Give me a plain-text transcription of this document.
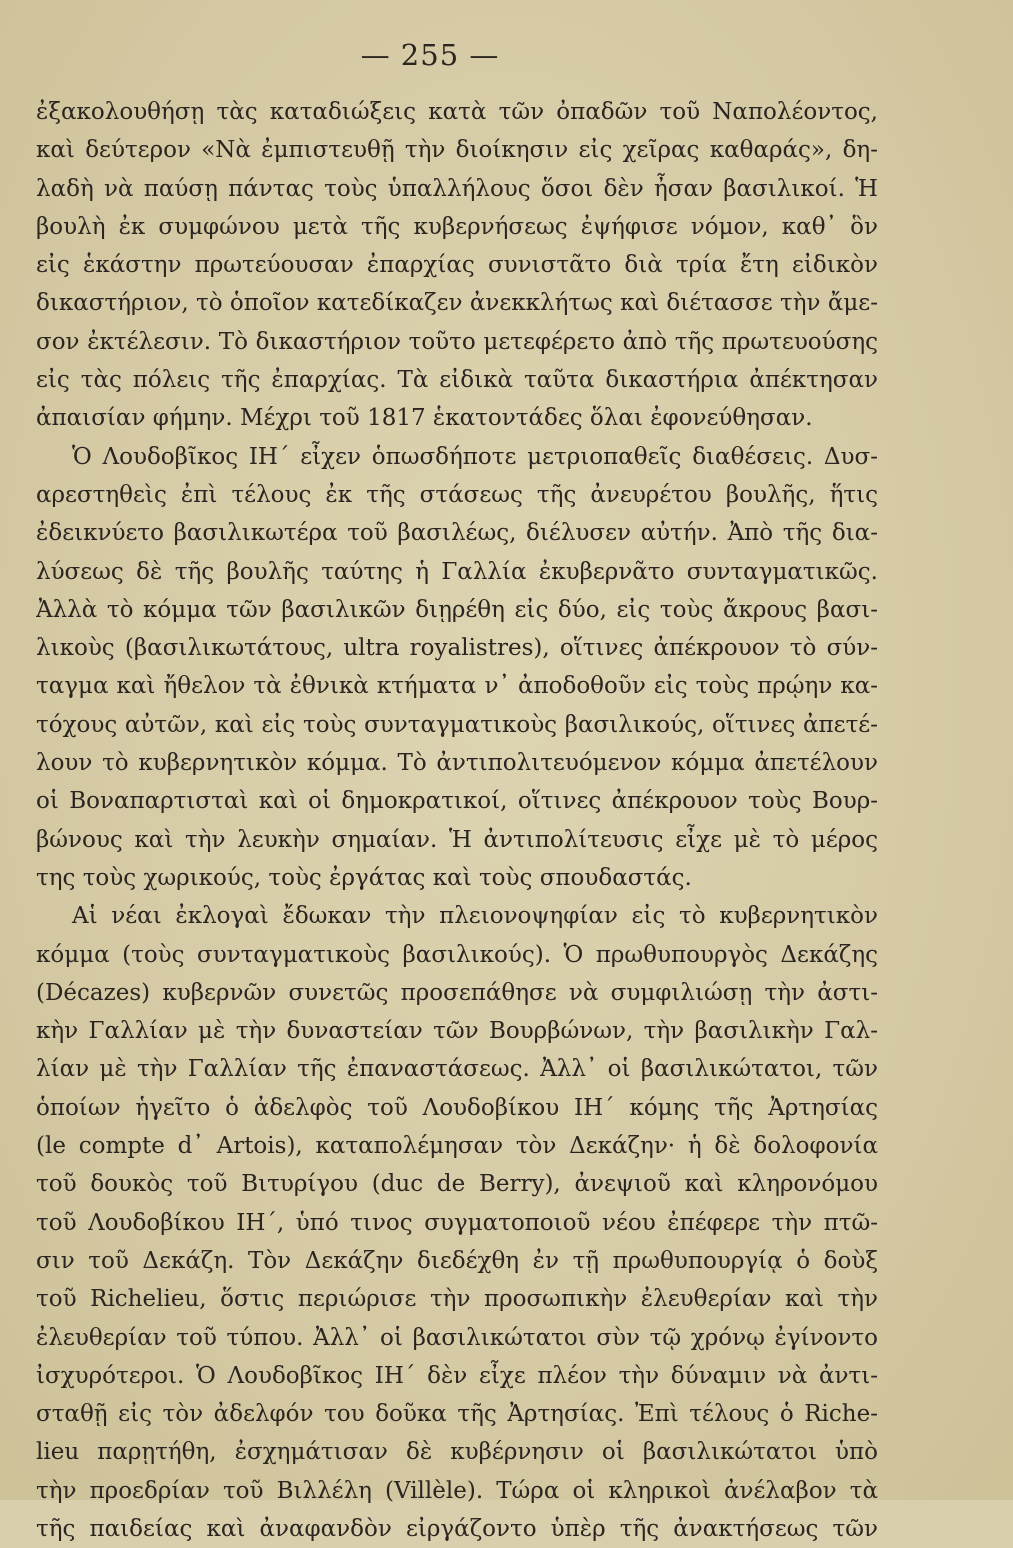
— 255 —
ἐξακολουθήσῃ τὰς καταδιώξεις κατὰ τῶν ὀπαδῶν τοῦ Ναπολέοντος,
καὶ δεύτερον «Νὰ ἐμπιστευθῇ τὴν διοίκησιν εἰς χεῖρας καθαράς», δη-
λαδὴ νὰ παύσῃ πάντας τοὺς ὑπαλλήλους ὅσοι δὲν ἦσαν βασιλικοί. Ἡ
βουλὴ ἐκ συμφώνου μετὰ τῆς κυβερνήσεως ἐψήφισε νόμον, καθ᾽ ὃν
εἰς ἑκάστην πρωτεύουσαν ἐπαρχίας συνιστᾶτο διὰ τρία ἔτη εἰδικὸν
δικαστήριον, τὸ ὁποῖον κατεδίκαζεν ἀνεκκλήτως καὶ διέτασσε τὴν ἄμε-
σον ἐκτέλεσιν. Τὸ δικαστήριον τοῦτο μετεφέρετο ἀπὸ τῆς πρωτευούσης
εἰς τὰς πόλεις τῆς ἐπαρχίας. Τὰ εἰδικὰ ταῦτα δικαστήρια ἀπέκτησαν
ἀπαισίαν φήμην. Μέχρι τοῦ 1817 ἑκατοντάδες ὅλαι ἐφονεύθησαν.
Ὁ Λουδοβῖκος ΙΗ΄ εἶχεν ὁπωσδήποτε μετριοπαθεῖς διαθέσεις. Δυσ-
αρεστηθεὶς ἐπὶ τέλους ἐκ τῆς στάσεως τῆς ἀνευρέτου βουλῆς, ἥτις
ἐδεικνύετο βασιλικωτέρα τοῦ βασιλέως, διέλυσεν αὐτήν. Ἀπὸ τῆς δια-
λύσεως δὲ τῆς βουλῆς ταύτης ἡ Γαλλία ἐκυβερνᾶτο συνταγματικῶς.
Ἀλλὰ τὸ κόμμα τῶν βασιλικῶν διῃρέθη εἰς δύο, εἰς τοὺς ἄκρους βασι-
λικοὺς (βασιλικωτάτους, ultra royalistres), οἵτινες ἀπέκρουον τὸ σύν-
ταγμα καὶ ἤθελον τὰ ἐθνικὰ κτήματα ν᾽ ἀποδοθοῦν εἰς τοὺς πρῴην κα-
τόχους αὐτῶν, καὶ εἰς τοὺς συνταγματικοὺς βασιλικούς, οἵτινες ἀπετέ-
λουν τὸ κυβερνητικὸν κόμμα. Τὸ ἀντιπολιτευόμενον κόμμα ἀπετέλουν
οἱ Βοναπαρτισταὶ καὶ οἱ δημοκρατικοί, οἵτινες ἀπέκρουον τοὺς Βουρ-
βώνους καὶ τὴν λευκὴν σημαίαν. Ἡ ἀντιπολίτευσις εἶχε μὲ τὸ μέρος
της τοὺς χωρικούς, τοὺς ἐργάτας καὶ τοὺς σπουδαστάς.
Αἱ νέαι ἐκλογαὶ ἔδωκαν τὴν πλειονοψηφίαν εἰς τὸ κυβερνητικὸν
κόμμα (τοὺς συνταγματικοὺς βασιλικούς). Ὁ πρωθυπουργὸς Δεκάζης
(Décazes) κυβερνῶν συνετῶς προσεπάθησε νὰ συμφιλιώσῃ τὴν ἀστι-
κὴν Γαλλίαν μὲ τὴν δυναστείαν τῶν Βουρβώνων, τὴν βασιλικὴν Γαλ-
λίαν μὲ τὴν Γαλλίαν τῆς ἐπαναστάσεως. Ἀλλ᾽ οἱ βασιλικώτατοι, τῶν
ὁποίων ἡγεῖτο ὁ ἀδελφὸς τοῦ Λουδοβίκου ΙΗ΄ κόμης τῆς Ἀρτησίας
(le compte d᾽ Artois), καταπολέμησαν τὸν Δεκάζην· ἡ δὲ δολοφονία
τοῦ δουκὸς τοῦ Βιτυρίγου (duc de Berry), ἀνεψιοῦ καὶ κληρονόμου
τοῦ Λουδοβίκου ΙΗ΄, ὑπό τινος συγματοποιοῦ νέου ἐπέφερε τὴν πτῶ-
σιν τοῦ Δεκάζη. Τὸν Δεκάζην διεδέχθη ἐν τῇ πρωθυπουργίᾳ ὁ δοὺξ
τοῦ Richelieu, ὅστις περιώρισε τὴν προσωπικὴν ἐλευθερίαν καὶ τὴν
ἐλευθερίαν τοῦ τύπου. Ἀλλ᾽ οἱ βασιλικώτατοι σὺν τῷ χρόνῳ ἐγίνοντο
ἰσχυρότεροι. Ὁ Λουδοβῖκος ΙΗ΄ δὲν εἶχε πλέον τὴν δύναμιν νὰ ἀντι-
σταθῇ εἰς τὸν ἀδελφόν του δοῦκα τῆς Ἀρτησίας. Ἐπὶ τέλους ὁ Riche-
lieu παρῃτήθη, ἐσχημάτισαν δὲ κυβέρνησιν οἱ βασιλικώτατοι ὑπὸ
τὴν προεδρίαν τοῦ Βιλλέλη (Villèle). Τώρα οἱ κληρικοὶ ἀνέλαβον τὰ
τῆς παιδείας καὶ ἀναφανδὸν εἰργάζοντο ὑπὲρ τῆς ἀνακτήσεως τῶν
